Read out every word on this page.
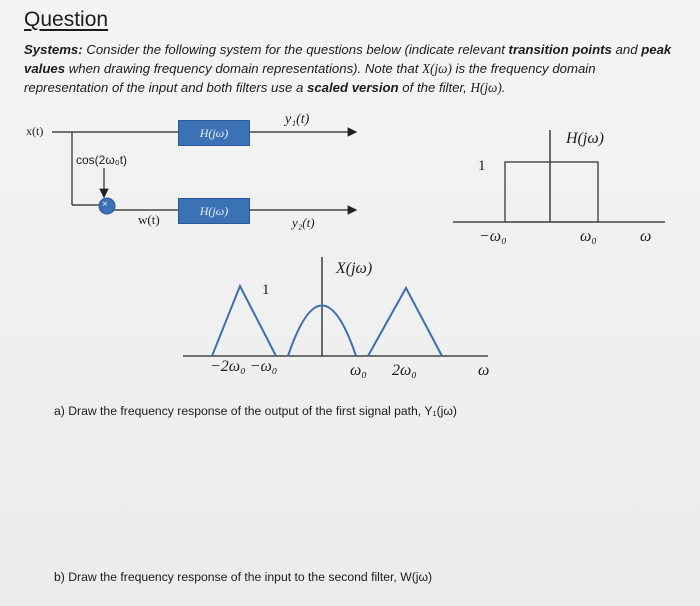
Question
Systems: Consider the following system for the questions below (indicate relevant transition points and peak values when drawing frequency domain representations). Note that X(jω) is the frequency domain representation of the input and both filters use a scaled version of the filter, H(jω).
x(t)	H(jω)
y₁(t)
cos(2ω₀t)
×
w(t)
H(jω)
y₂(t)
H(jω)
1
−ω₀	ω₀	ω
X(jω)
1
−2ω₀ −ω₀	ω₀ 2ω₀	ω
a) Draw the frequency response of the output of the first signal path, Y₁(jω)
b) Draw the frequency response of the input to the second filter, W(jω)
